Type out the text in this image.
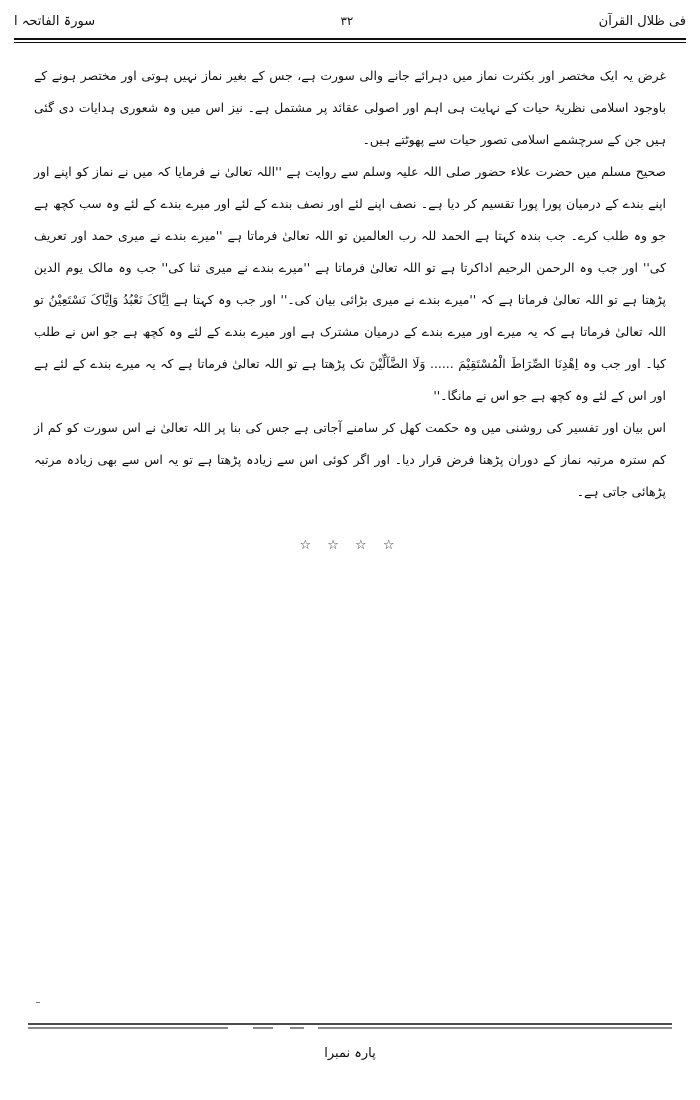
فی ظلال القرآن
۳۲
سورۃ الفاتحہ ا

غرض یہ ایک مختصر اور بکثرت نماز میں دہرائے جانے والی سورت ہے، جس کے بغیر نماز نہیں ہوتی اور مختصر ہونے کے باوجود اسلامی نظریۂ حیات کے نہایت ہی اہم اور اصولی عقائد پر مشتمل ہے۔ نیز اس میں وہ شعوری ہدایات دی گئی ہیں جن کے سرچشمے اسلامی تصور حیات سے پھوٹتے ہیں۔

صحیح مسلم میں حضرت علاء حضور صلی اللہ علیہ وسلم سے روایت ہے ''اللہ تعالیٰ نے فرمایا کہ میں نے نماز کو اپنے اور اپنے بندے کے درمیان پورا پورا تقسیم کر دیا ہے۔ نصف اپنے لئے اور نصف بندے کے لئے اور میرے بندے کے لئے وہ سب کچھ ہے جو وہ طلب کرے۔ جب بندہ کہتا ہے الحمد للہ رب العالمین تو اللہ تعالیٰ فرماتا ہے ''میرے بندے نے میری حمد اور تعریف کی'' اور جب وہ الرحمن الرحیم اداکرتا ہے تو اللہ تعالیٰ فرماتا ہے ''میرے بندے نے میری ثنا کی'' جب وہ مالک یوم الدین پڑھتا ہے تو اللہ تعالیٰ فرماتا ہے کہ ''میرے بندے نے میری بڑائی بیان کی۔'' اور جب وہ کہتا ہے اِیَّاکَ نَعْبُدُ وَاِیَّاکَ نَسْتَعِیْنُ تو اللہ تعالیٰ فرماتا ہے کہ یہ میرے اور میرے بندے کے درمیان مشترک ہے اور میرے بندے کے لئے وہ کچھ ہے جو اس نے طلب کیا۔ اور جب وہ اِھْدِنَا الصِّرَاطَ الْمُسْتَقِیْمَ ...... وَلَا الضَّآلِّیْنَ تک پڑھتا ہے تو اللہ تعالیٰ فرماتا ہے کہ یہ میرے بندے کے لئے ہے اور اس کے لئے وہ کچھ ہے جو اس نے مانگا۔''

اس بیان اور تفسیر کی روشنی میں وہ حکمت کھل کر سامنے آجاتی ہے جس کی بنا پر اللہ تعالیٰ نے اس سورت کو کم از کم سترہ مرتبہ نماز کے دوران پڑھنا فرض قرار دیا۔ اور اگر کوئی اس سے زیادہ پڑھتا ہے تو یہ اس سے بھی زیادہ مرتبہ پڑھائی جاتی ہے۔

☆ ☆ ☆ ☆
پارہ نمبرا
